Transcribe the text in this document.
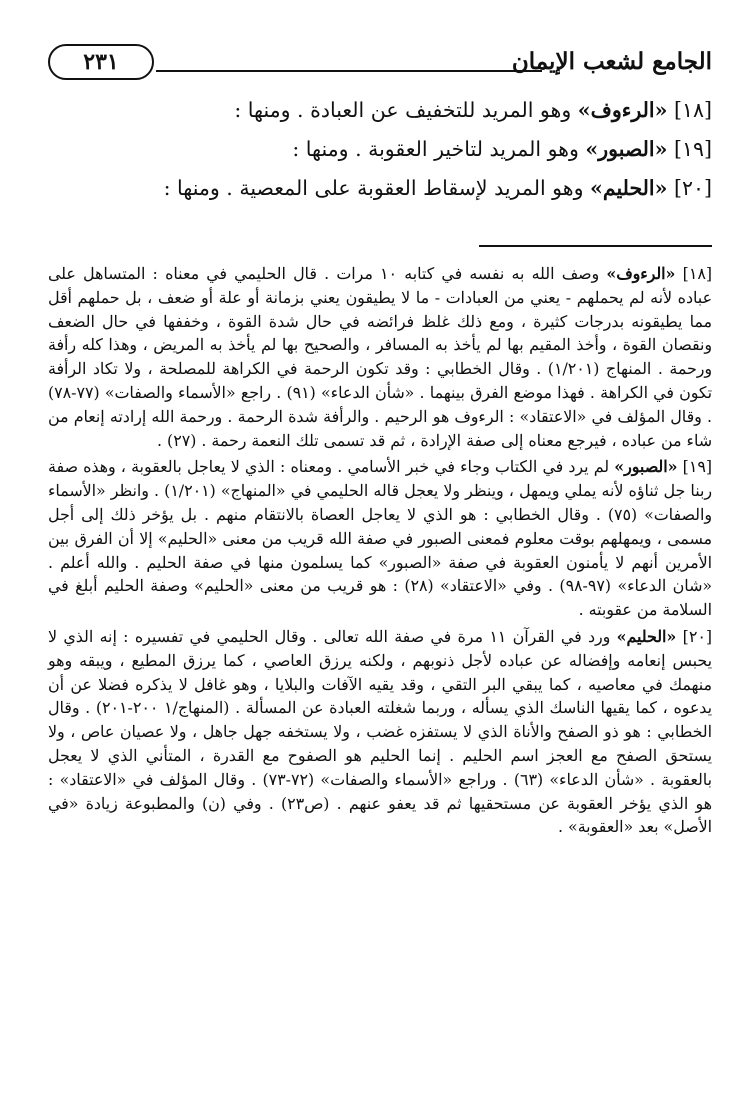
الجامع لشعب الإيمان
٢٣١

[١٨] «الرءوف» وهو المريد للتخفيف عن العبادة . ومنها :

[١٩] «الصبور» وهو المريد لتاخير العقوبة . ومنها :

[٢٠] «الحليم» وهو المريد لإسقاط العقوبة على المعصية . ومنها :

[١٨] «الرءوف» وصف الله به نفسه في كتابه ١٠ مرات . قال الحليمي في معناه : المتساهل على عباده لأنه لم يحملهم - يعني من العبادات - ما لا يطيقون يعني بزمانة أو علة أو ضعف ، بل حملهم أقل مما يطيقونه بدرجات كثيرة ، ومع ذلك غلظ فرائضه في حال شدة القوة ، وخففها في حال الضعف ونقصان القوة ، وأخذ المقيم بها لم يأخذ به المسافر ، والصحيح بها لم يأخذ به المريض ، وهذا كله رأفة ورحمة . المنهاج (١/٢٠١) . وقال الخطابي : وقد تكون الرحمة في الكراهة للمصلحة ، ولا تكاد الرأفة تكون في الكراهة . فهذا موضع الفرق بينهما . «شأن الدعاء» (٩١) . راجع «الأسماء والصفات» (٧٧-٧٨) . وقال المؤلف في «الاعتقاد» : الرءوف هو الرحيم . والرأفة شدة الرحمة . ورحمة الله إرادته إنعام من شاء من عباده ، فيرجع معناه إلى صفة الإرادة ، ثم قد تسمى تلك النعمة رحمة . (٢٧) .

[١٩] «الصبور» لم يرد في الكتاب وجاء في خبر الأسامي . ومعناه : الذي لا يعاجل بالعقوبة ، وهذه صفة ربنا جل ثناؤه لأنه يملي ويمهل ، وينظر ولا يعجل قاله الحليمي في «المنهاج» (١/٢٠١) . وانظر «الأسماء والصفات» (٧٥) . وقال الخطابي : هو الذي لا يعاجل العصاة بالانتقام منهم . بل يؤخر ذلك إلى أجل مسمى ، ويمهلهم بوقت معلوم فمعنى الصبور في صفة الله قريب من معنى «الحليم» إلا أن الفرق بين الأمرين أنهم لا يأمنون العقوبة في صفة «الصبور» كما يسلمون منها في صفة الحليم . والله أعلم . «شان الدعاء» (٩٧-٩٨) . وفي «الاعتقاد» (٢٨) : هو قريب من معنى «الحليم» وصفة الحليم أبلغ في السلامة من عقوبته .

[٢٠] «الحليم» ورد في القرآن ١١ مرة في صفة الله تعالى . وقال الحليمي في تفسيره : إنه الذي لا يحبس إنعامه وإفضاله عن عباده لأجل ذنوبهم ، ولكنه يرزق العاصي ، كما يرزق المطيع ، ويبقه وهو منهمك في معاصيه ، كما يبقي البر التقي ، وقد يقيه الآفات والبلايا ، وهو غافل لا يذكره فضلا عن أن يدعوه ، كما يقيها الناسك الذي يسأله ، وربما شغلته العبادة عن المسألة . (المنهاج/١ ٢٠٠-٢٠١) . وقال الخطابي : هو ذو الصفح والأناة الذي لا يستفزه غضب ، ولا يستخفه جهل جاهل ، ولا عصيان عاص ، ولا يستحق الصفح مع العجز اسم الحليم . إنما الحليم هو الصفوح مع القدرة ، المتأني الذي لا يعجل بالعقوبة . «شأن الدعاء» (٦٣) . وراجع «الأسماء والصفات» (٧٢-٧٣) . وقال المؤلف في «الاعتقاد» : هو الذي يؤخر العقوبة عن مستحقيها ثم قد يعفو عنهم . (ص٢٣) . وفي (ن) والمطبوعة زيادة «في الأصل» بعد «العقوبة» .
